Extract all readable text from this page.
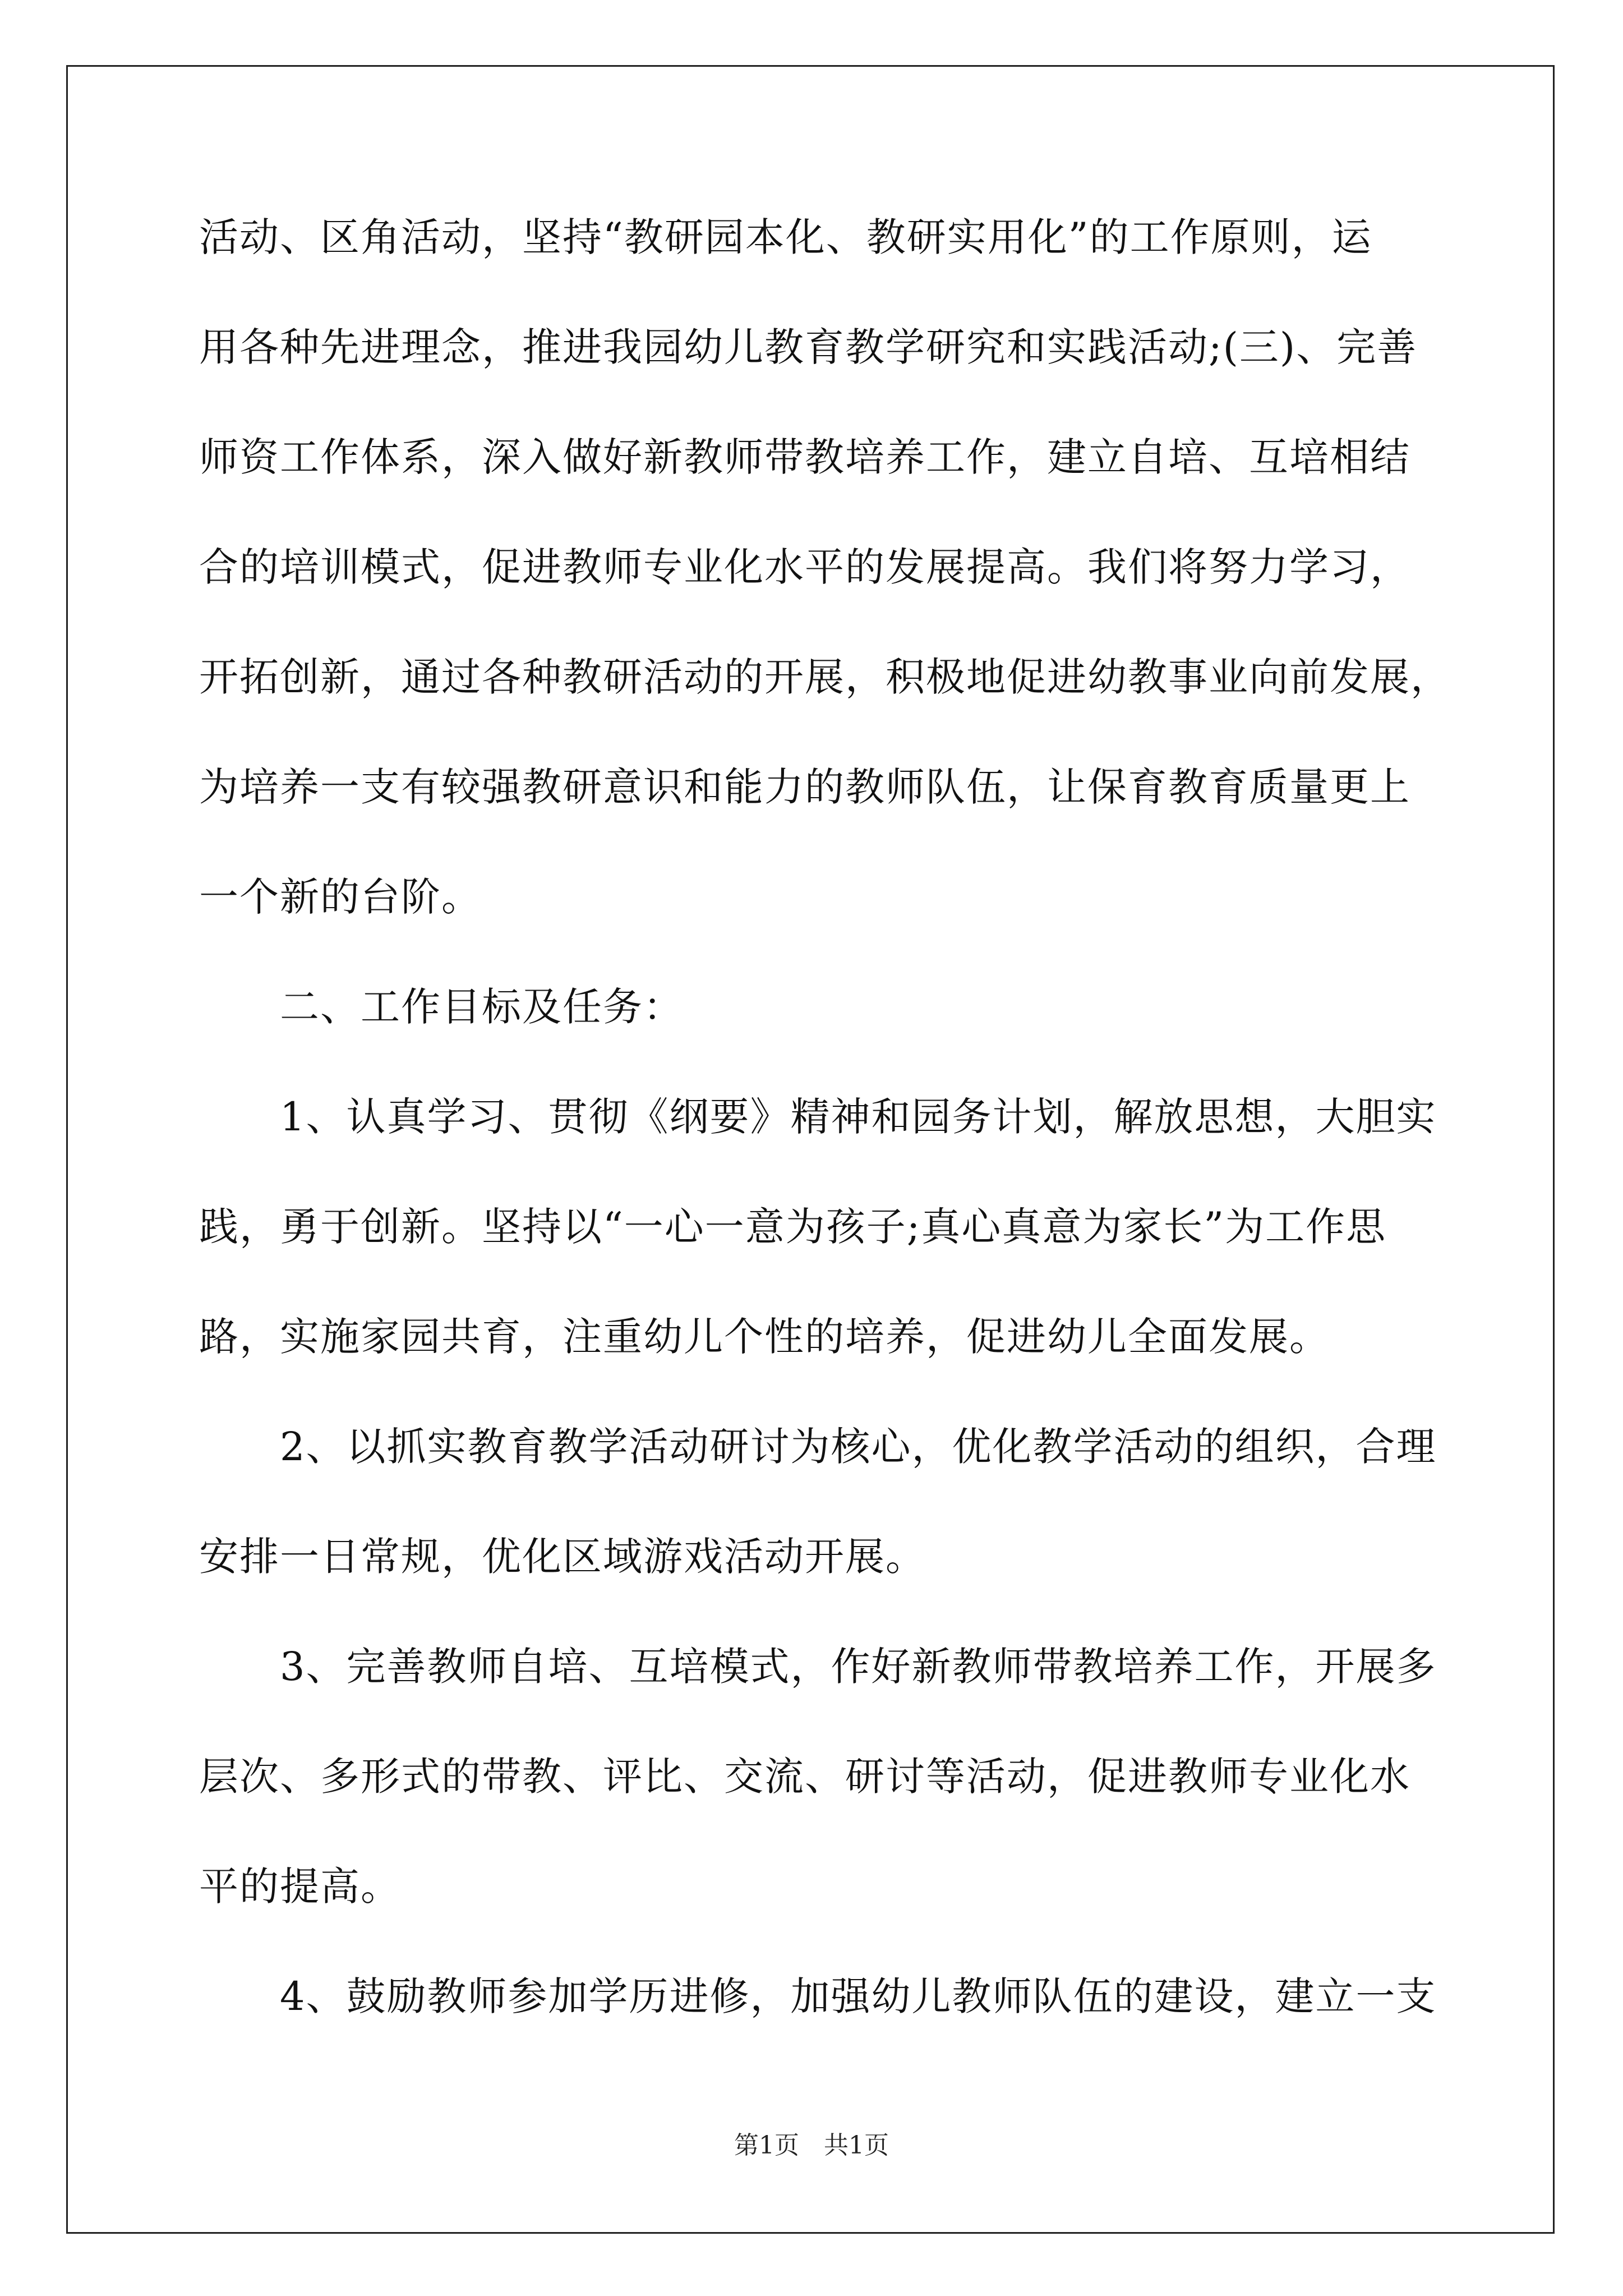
活动、区角活动，坚持“教研园本化、教研实用化”的工作原则，运
用各种先进理念，推进我园幼儿教育教学研究和实践活动;(三)、完善
师资工作体系，深入做好新教师带教培养工作，建立自培、互培相结
合的培训模式，促进教师专业化水平的发展提高。我们将努力学习，
开拓创新，通过各种教研活动的开展，积极地促进幼教事业向前发展，
为培养一支有较强教研意识和能力的教师队伍，让保育教育质量更上
一个新的台阶。
　　二、工作目标及任务：
　　1、认真学习、贯彻《纲要》精神和园务计划，解放思想，大胆实
践，勇于创新。坚持以“一心一意为孩子;真心真意为家长”为工作思
路，实施家园共育，注重幼儿个性的培养，促进幼儿全面发展。
　　2、以抓实教育教学活动研讨为核心，优化教学活动的组织，合理
安排一日常规，优化区域游戏活动开展。
　　3、完善教师自培、互培模式，作好新教师带教培养工作，开展多
层次、多形式的带教、评比、交流、研讨等活动，促进教师专业化水
平的提高。
　　4、鼓励教师参加学历进修，加强幼儿教师队伍的建设，建立一支
第1页　共1页
